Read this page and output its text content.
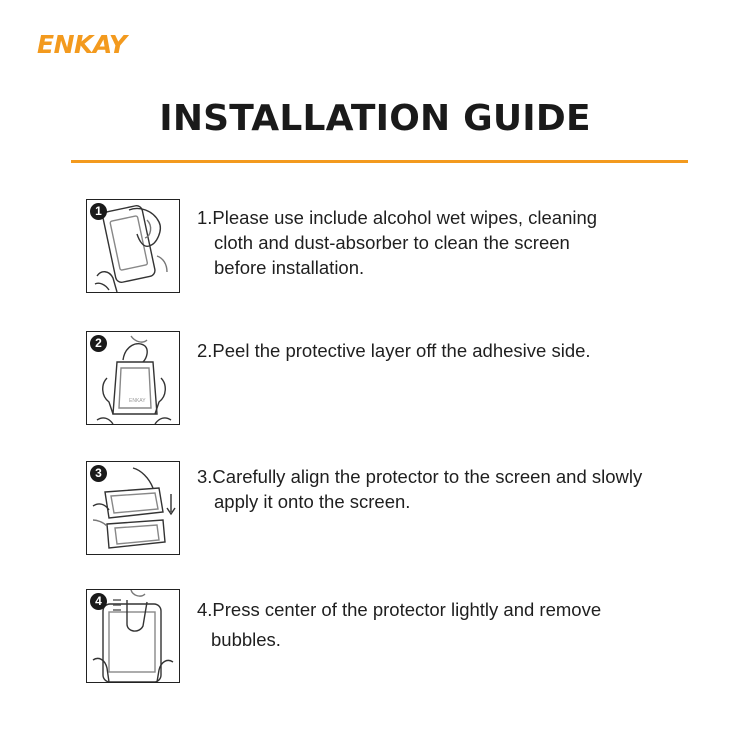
ENKAY
INSTALLATION GUIDE
1	1.Please use include alcohol wet wipes, cleaning
cloth and dust-absorber to clean the screen
before installation.
ENKAY
2	2.Peel the protective layer off the adhesive side.
3	3.Carefully align the protector to the screen and slowly
apply it onto the screen.
4	4.Press center of the protector lightly and remove
bubbles.
